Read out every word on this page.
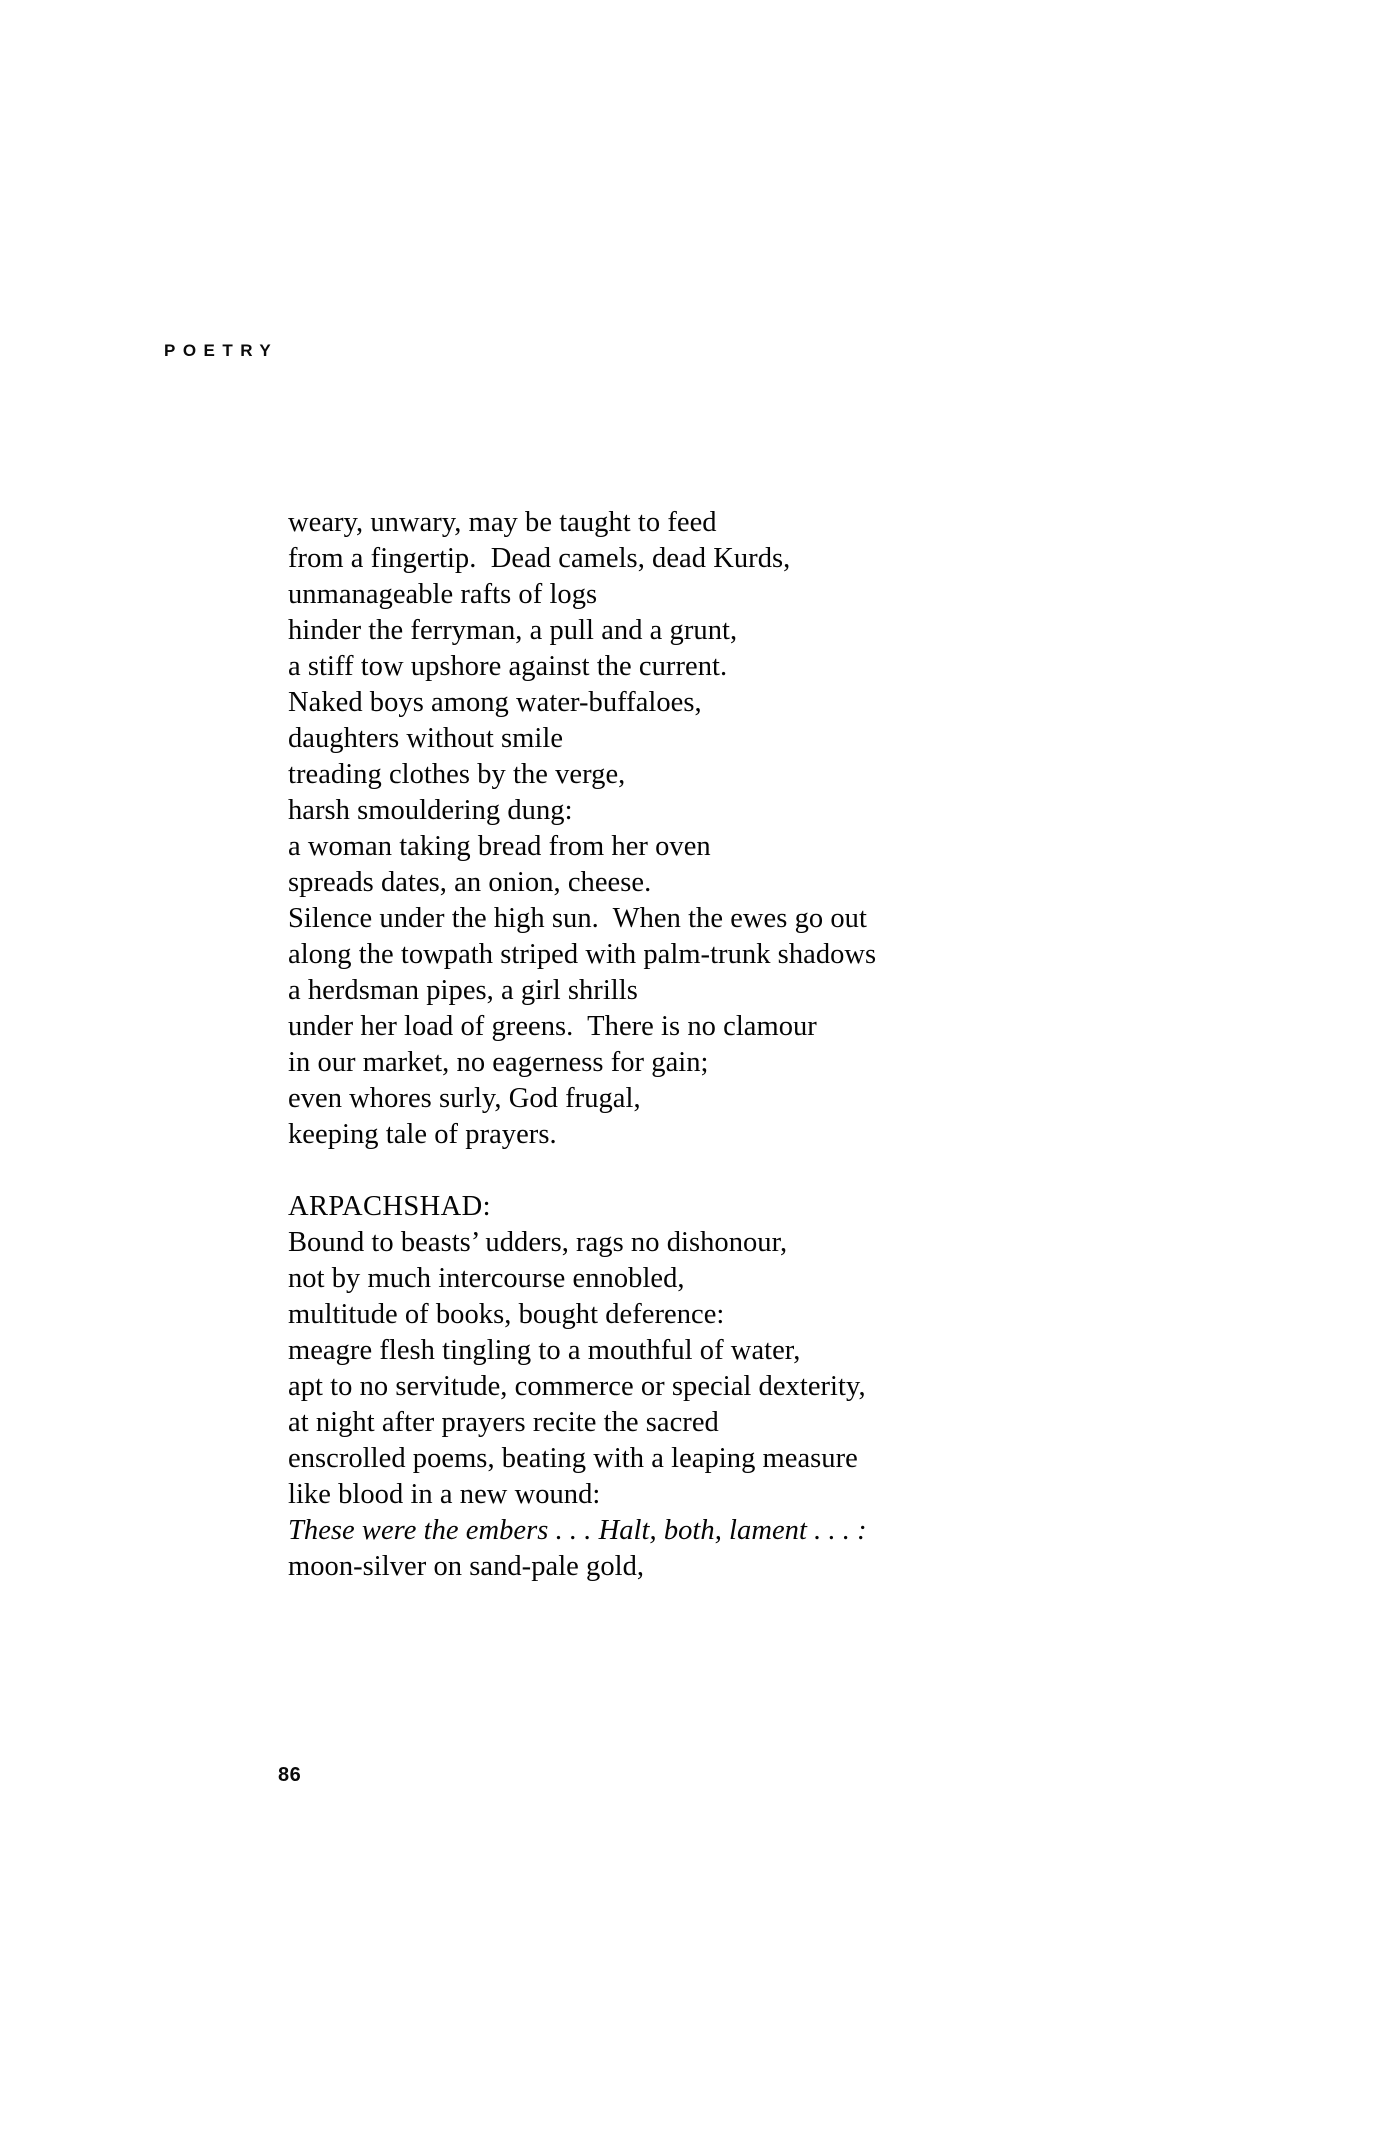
POETRY
weary, unwary, may be taught to feed
from a fingertip.  Dead camels, dead Kurds,
unmanageable rafts of logs
hinder the ferryman, a pull and a grunt,
a stiff tow upshore against the current.
Naked boys among water-buffaloes,
daughters without smile
treading clothes by the verge,
harsh smouldering dung:
a woman taking bread from her oven
spreads dates, an onion, cheese.
Silence under the high sun.  When the ewes go out
along the towpath striped with palm-trunk shadows
a herdsman pipes, a girl shrills
under her load of greens.  There is no clamour
in our market, no eagerness for gain;
even whores surly, God frugal,
keeping tale of prayers.
ARPACHSHAD:
Bound to beasts’ udders, rags no dishonour,
not by much intercourse ennobled,
multitude of books, bought deference:
meagre flesh tingling to a mouthful of water,
apt to no servitude, commerce or special dexterity,
at night after prayers recite the sacred
enscrolled poems, beating with a leaping measure
like blood in a new wound:
These were the embers . . . Halt, both, lament . . . :
moon-silver on sand-pale gold,
86
